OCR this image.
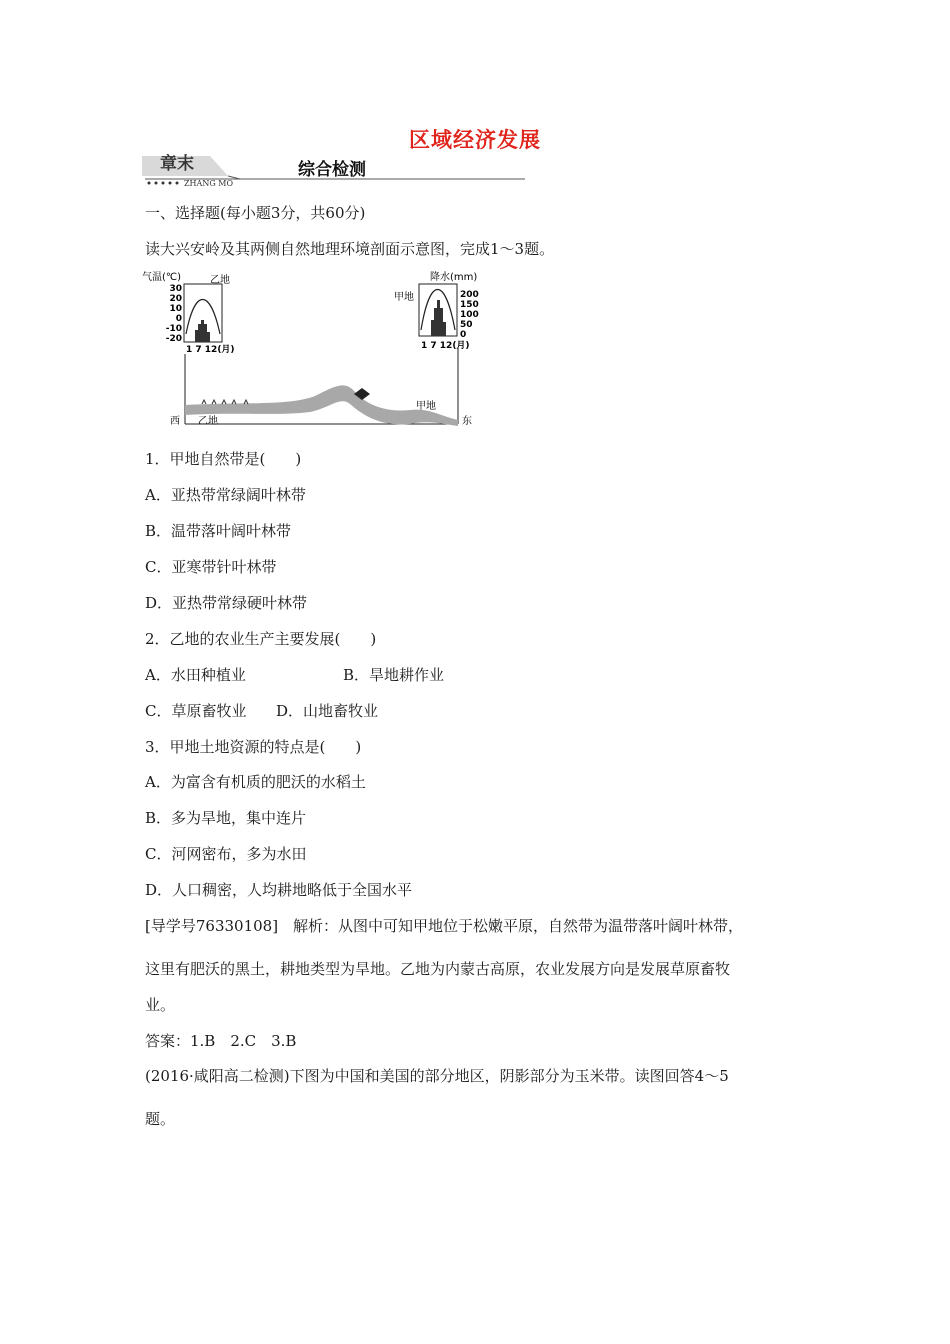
区域经济发展
章末
ZHANG MO
综合检测
一、选择题(每小题3分，共60分)
读大兴安岭及其两侧自然地理环境剖面示意图，完成1～3题。
气温(℃)	乙地
30
20
10
0
-10
-20
1 7 12(月)
降水(mm)
甲地	200
150
100
50
0
1 7 12(月)
西 乙地
甲地
东
1．甲地自然带是(　　)
A．亚热带常绿阔叶林带
B．温带落叶阔叶林带
C．亚寒带针叶林带
D．亚热带常绿硬叶林带
2．乙地的农业生产主要发展(　　)
A．水田种植业	B．旱地耕作业
C．草原畜牧业 D．山地畜牧业
3．甲地土地资源的特点是(　　)
A．为富含有机质的肥沃的水稻土
B．多为旱地，集中连片
C．河网密布，多为水田
D．人口稠密，人均耕地略低于全国水平
[导学号76330108]　解析：从图中可知甲地位于松嫩平原，自然带为温带落叶阔叶林带，
这里有肥沃的黑土，耕地类型为旱地。乙地为内蒙古高原，农业发展方向是发展草原畜牧
业。
答案：1.B　2.C　3.B
(2016·咸阳高二检测)下图为中国和美国的部分地区，阴影部分为玉米带。读图回答4～5
题。
